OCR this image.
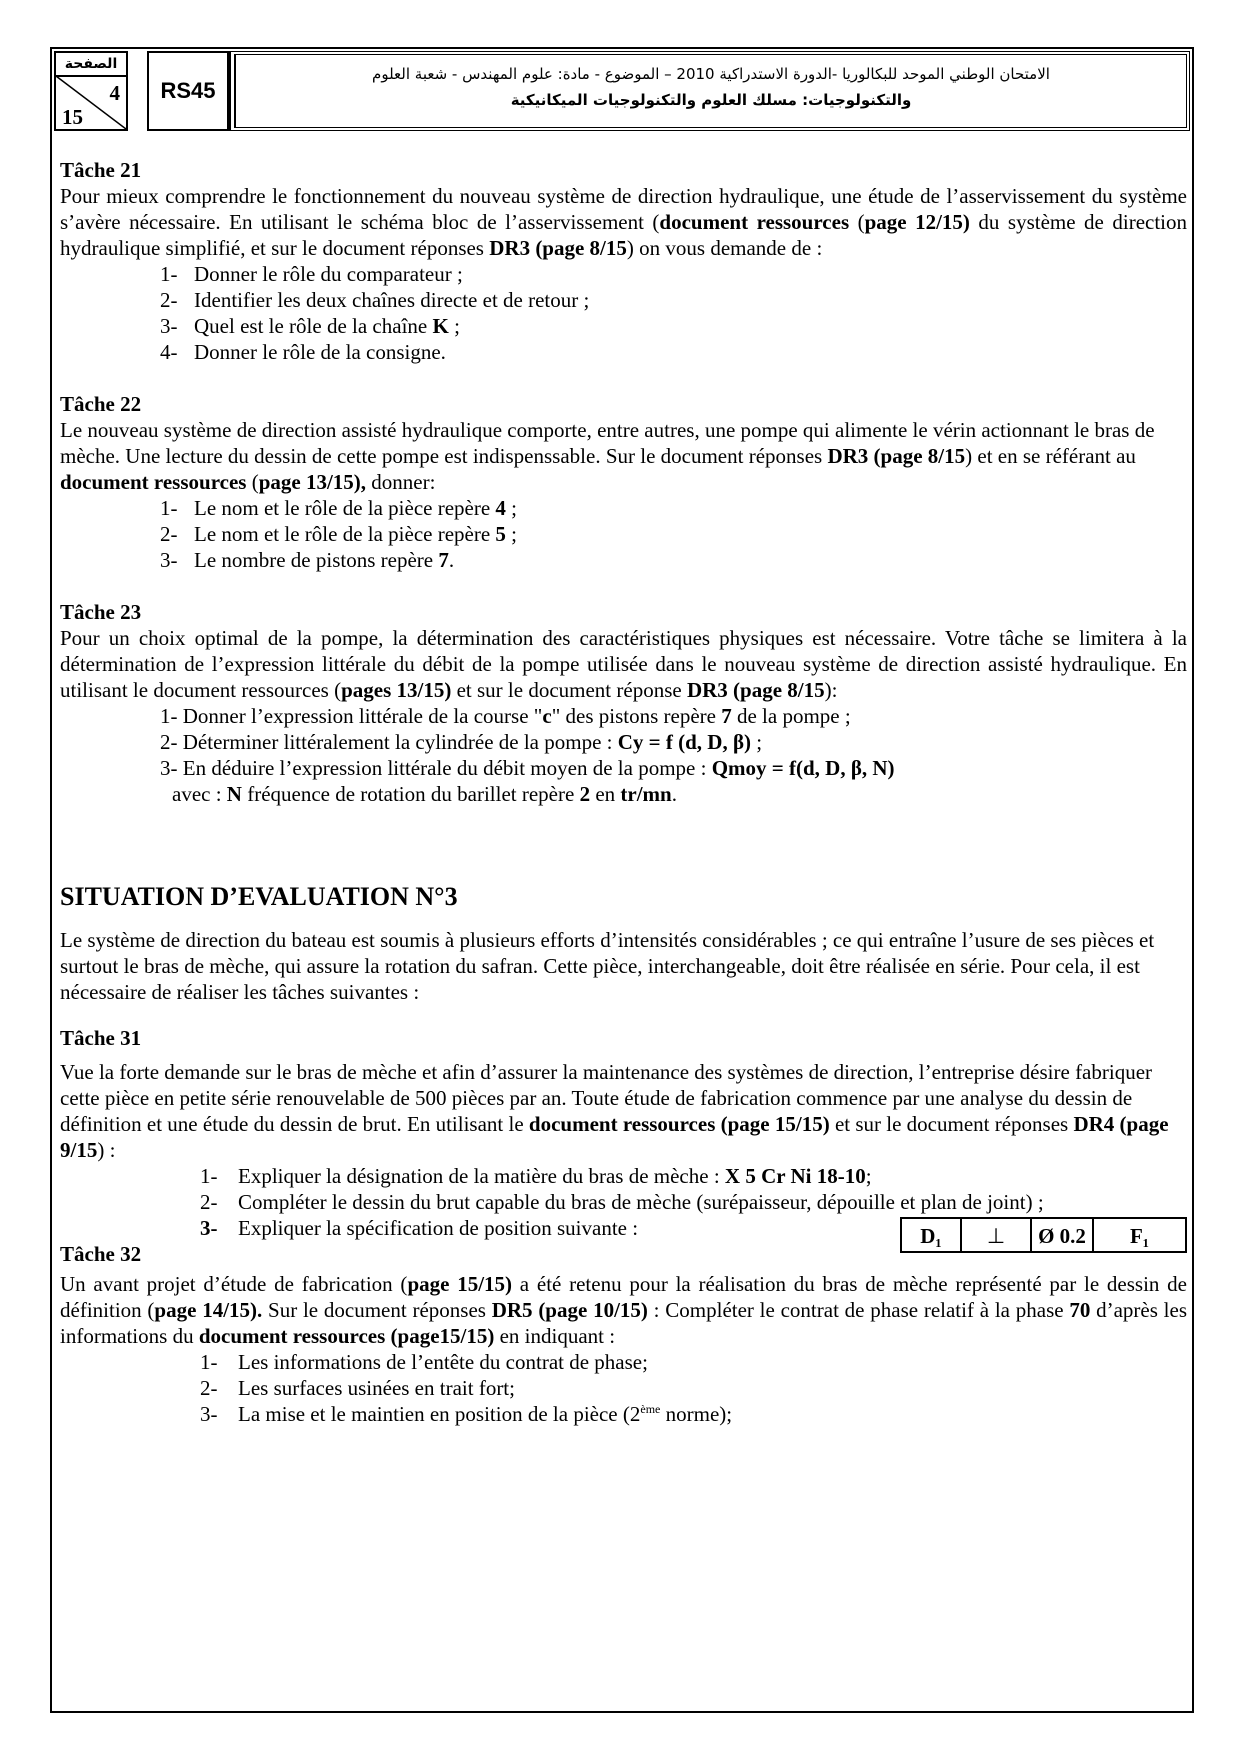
الصفحة
4
15
RS45
الامتحان الوطني الموحد للبكالوريا -الدورة الاستدراكية 2010 – الموضوع - مادة: علوم المهندس - شعبة العلوم
والتكنولوجيات: مسلك العلوم والتكنولوجيات الميكانيكية

Tâche 21

Pour mieux comprendre le fonctionnement du nouveau système de direction hydraulique, une étude de l’asservissement du système s’avère nécessaire. En utilisant le schéma bloc de l’asservissement (document ressources (page 12/15) du système de direction hydraulique simplifié, et sur le document réponses DR3 (page 8/15) on vous demande de :

1- Donner le rôle du comparateur ;
2- Identifier les deux chaînes directe et de retour ;
3- Quel est le rôle de la chaîne K ;
4- Donner le rôle de la consigne.

Tâche 22

Le nouveau système de direction assisté hydraulique comporte, entre autres, une pompe qui alimente le vérin actionnant le bras de mèche. Une lecture du dessin de cette pompe est indispenssable. Sur le document réponses DR3 (page 8/15) et en se référant au document ressources (page 13/15), donner:

1- Le nom et le rôle de la pièce repère 4 ;
2- Le nom et le rôle de la pièce repère 5 ;
3- Le nombre de pistons repère 7.

Tâche 23

Pour un choix optimal de la pompe, la détermination des caractéristiques physiques est nécessaire. Votre tâche se limitera à la détermination de l’expression littérale du débit de la pompe utilisée dans le nouveau système de direction assisté hydraulique. En utilisant le document ressources (pages 13/15) et sur le document réponse DR3 (page 8/15):

1- Donner l’expression littérale de la course "c" des pistons repère 7 de la pompe ;
2- Déterminer littéralement la cylindrée de la pompe : Cy = f (d, D, β) ;
3- En déduire l’expression littérale du débit moyen de la pompe : Qmoy = f(d, D, β, N)
avec : N fréquence de rotation du barillet repère 2 en tr/mn.
SITUATION D’EVALUATION N°3

Le système de direction du bateau est soumis à plusieurs efforts d’intensités considérables ; ce qui entraîne l’usure de ses pièces et surtout le bras de mèche, qui assure la rotation du safran. Cette pièce, interchangeable, doit être réalisée en série. Pour cela, il est nécessaire de réaliser les tâches suivantes :

Tâche 31

Vue la forte demande sur le bras de mèche et afin d’assurer la maintenance des systèmes de direction, l’entreprise désire fabriquer cette pièce en petite série renouvelable de 500 pièces par an. Toute étude de fabrication commence par une analyse du dessin de définition et une étude du dessin de brut. En utilisant le document ressources (page 15/15) et sur le document réponses DR4 (page 9/15) :

1- Expliquer la désignation de la matière du bras de mèche : X 5 Cr Ni 18-10;
2- Compléter le dessin du brut capable du bras de mèche (surépaisseur, dépouille et plan de joint) ;
3- Expliquer la spécification de position suivante :	D₁	⊥	Ø 0.2	F₁

Tâche 32

Un avant projet d’étude de fabrication (page 15/15) a été retenu pour la réalisation du bras de mèche représenté par le dessin de définition (page 14/15). Sur le document réponses DR5 (page 10/15) : Compléter le contrat de phase relatif à la phase 70 d’après les informations du document ressources (page15/15) en indiquant :

1- Les informations de l’entête du contrat de phase;
2- Les surfaces usinées en trait fort;
3- La mise et le maintien en position de la pièce (2ème norme);
